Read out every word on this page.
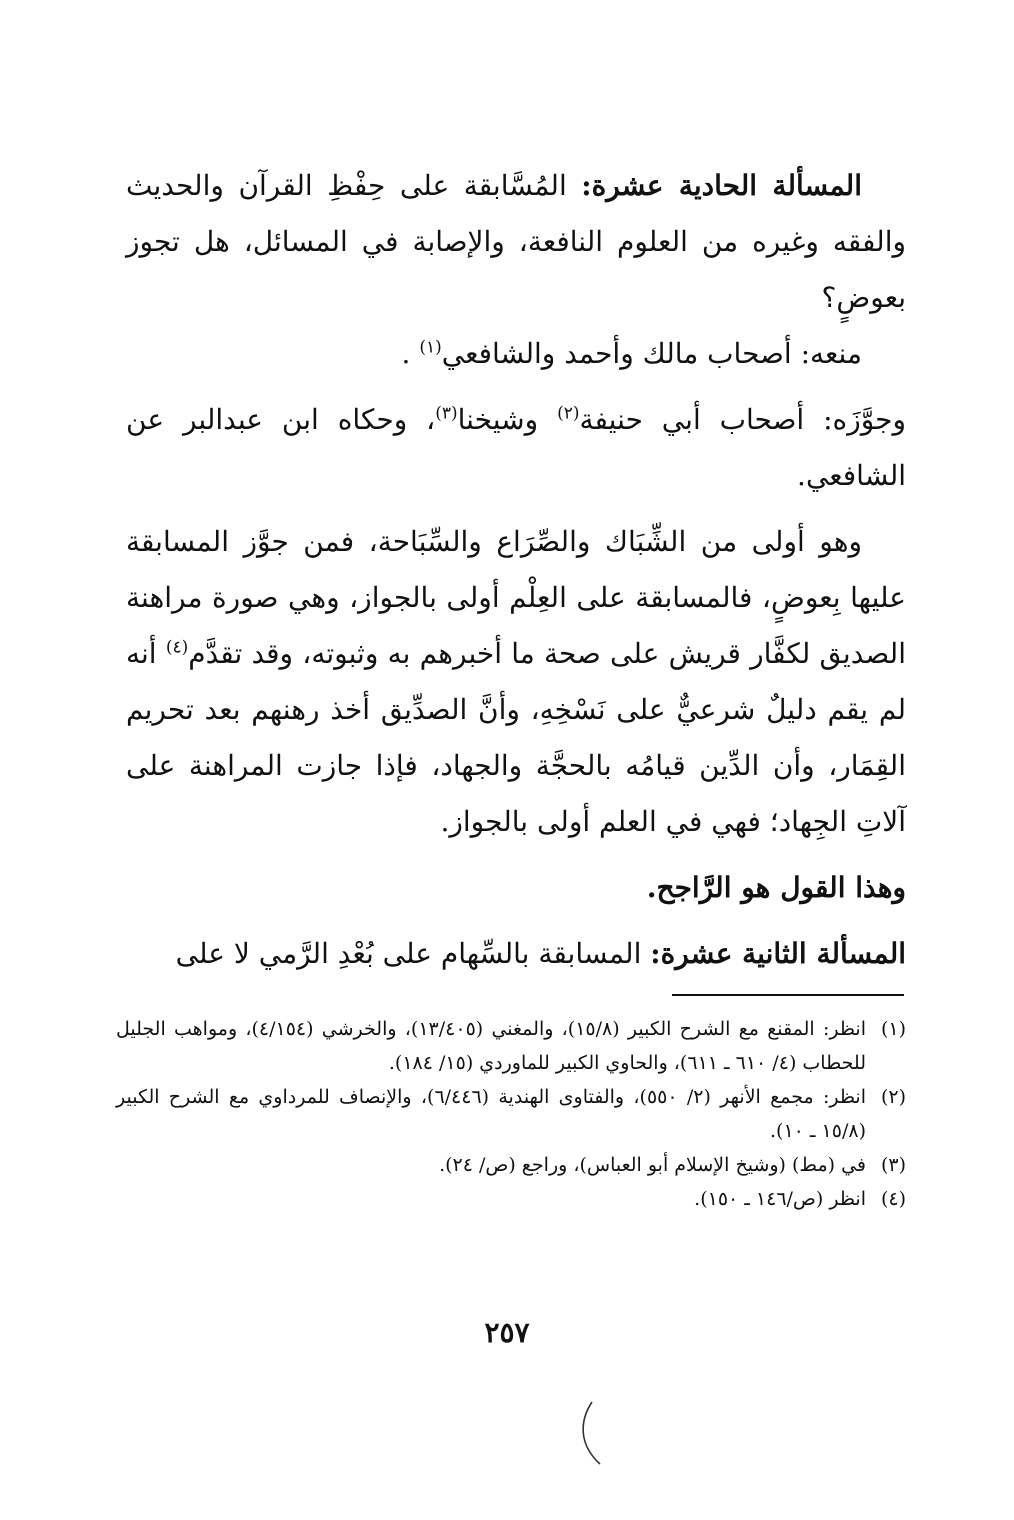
المسألة الحادية عشرة: المُسَّابقة على حِفْظِ القرآن والحديث والفقه وغيره من العلوم النافعة، والإصابة في المسائل، هل تجوز بعوضٍ؟

منعه: أصحاب مالك وأحمد والشافعي$^{(١)}$ .

وجوَّزَه: أصحاب أبي حنيفة$^{(٢)}$ وشيخنا$^{(٣)}$، وحكاه ابن عبدالبر عن الشافعي.

وهو أولى من الشِّبَاك والصِّرَاع والسِّبَاحة، فمن جوَّز المسابقة عليها بِعوضٍ، فالمسابقة على العِلْم أولى بالجواز، وهي صورة مراهنة الصديق لكفَّار قريش على صحة ما أخبرهم به وثبوته، وقد تقدَّم$^{(٤)}$ أنه لم يقم دليلٌ شرعيٌّ على نَسْخِهِ، وأنَّ الصدِّيق أخذ رهنهم بعد تحريم القِمَار، وأن الدِّين قيامُه بالحجَّة والجهاد، فإذا جازت المراهنة على آلاتِ الجِهاد؛ فهي في العلم أولى بالجواز.

وهذا القول هو الرَّاجح.

المسألة الثانية عشرة: المسابقة بالسِّهام على بُعْدِ الرَّمي لا على

(١)
انظر: المقنع مع الشرح الكبير (١٥/٨)، والمغني (١٣/٤٠٥)، والخرشي (٤/١٥٤)، ومواهب الجليل للحطاب (٤/ ٦١٠ ـ ٦١١)، والحاوي الكبير للماوردي (١٥/ ١٨٤).
(٢)
انظر: مجمع الأنهر (٢/ ٥٥٠)، والفتاوى الهندية (٦/٤٤٦)، والإنصاف للمرداوي مع الشرح الكبير (١٥/٨ ـ ١٠).
(٣)
في (مط) (وشيخ الإسلام أبو العباس)، وراجع (ص/ ٢٤).
(٤)
انظر (ص/١٤٦ ـ ١٥٠).
٢٥٧
